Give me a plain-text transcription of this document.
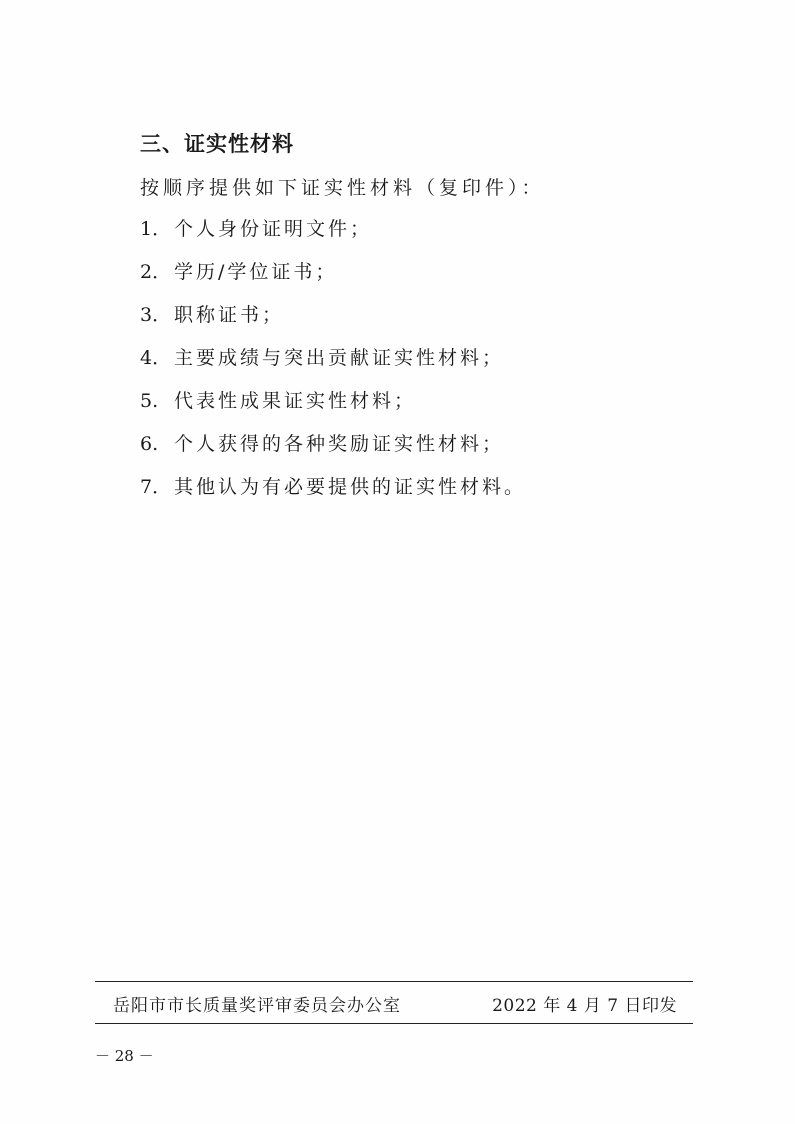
三、证实性材料
按顺序提供如下证实性材料（复印件）：
1． 个人身份证明文件；
2． 学历/学位证书；
3． 职称证书；
4． 主要成绩与突出贡献证实性材料；
5. 代表性成果证实性材料；
6. 个人获得的各种奖励证实性材料；
7． 其他认为有必要提供的证实性材料。
岳阳市市长质量奖评审委员会办公室	2022 年 4 月 7 日印发
－ 28 －
